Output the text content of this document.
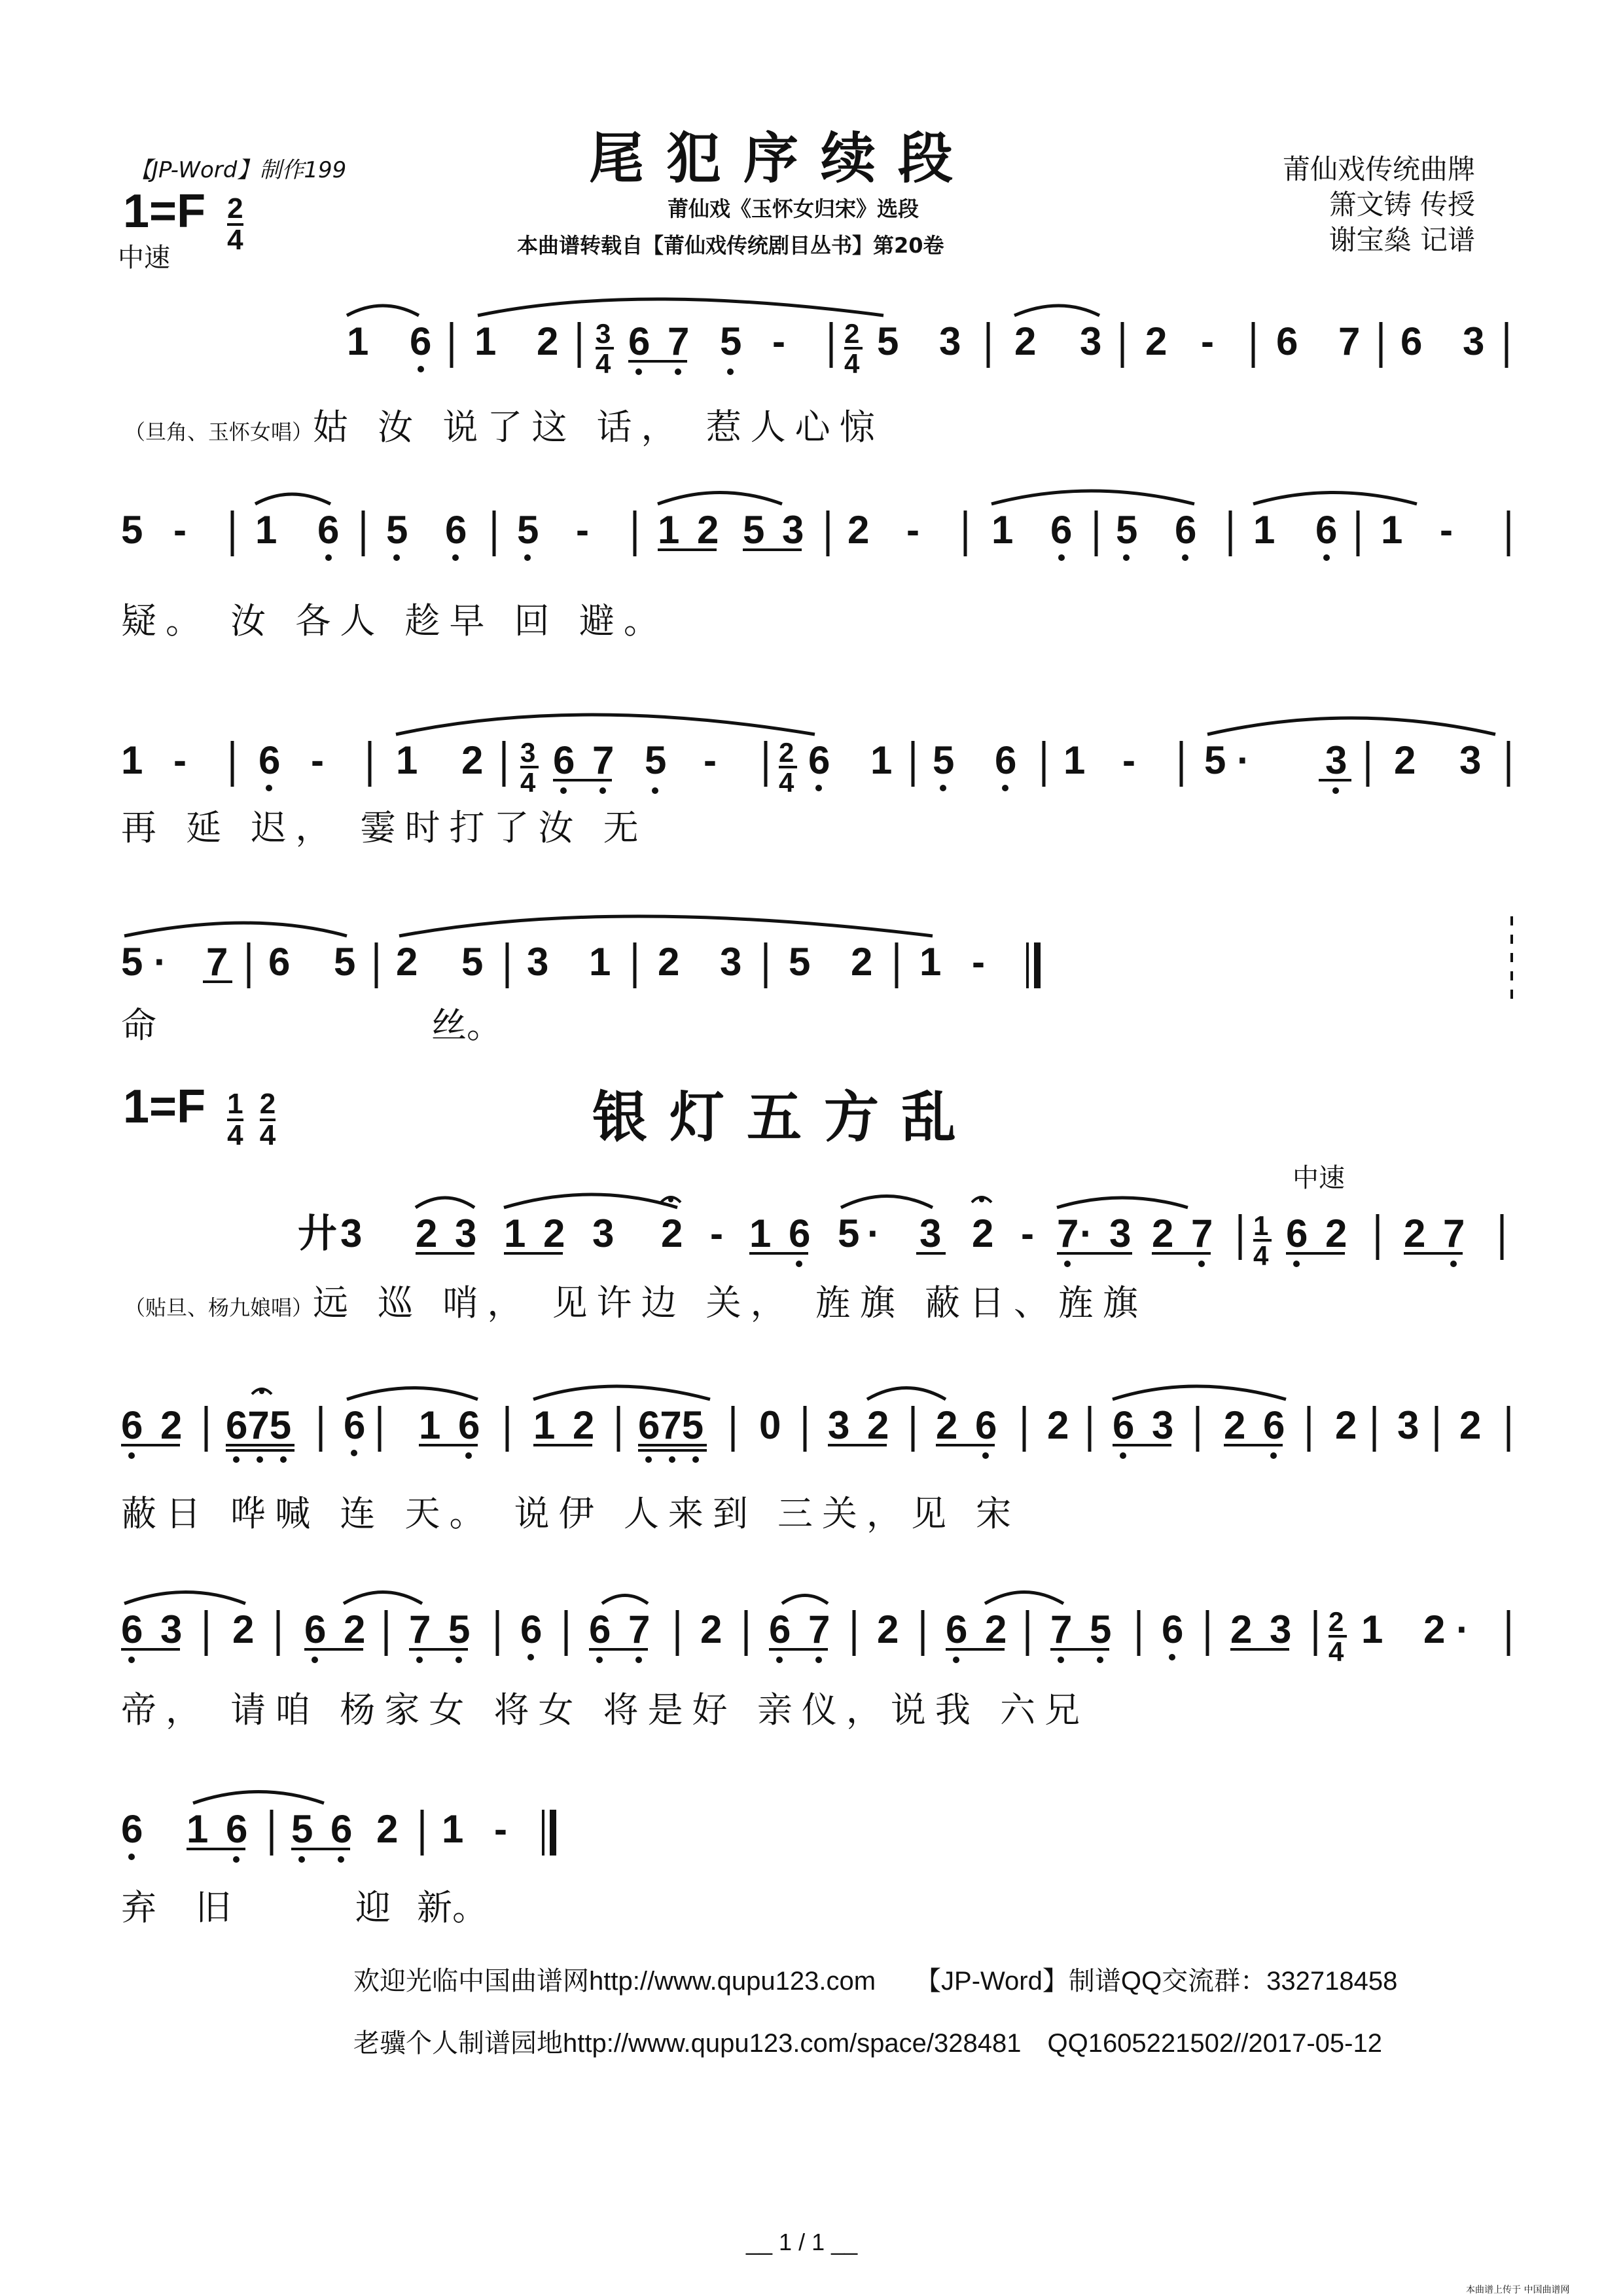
【JP-Word】制作199	尾犯序续段
莆仙戏《玉怀女归宋》选段
本曲谱转载自【莆仙戏传统剧目丛书】第20卷
莆仙戏传统曲牌
箫文铸 传授
谢宝燊 记谱
$1=F \frac{2}{4}$
中速
1 6 1 2 3
4
6 7 5 - 2
4
5 3 2 3 2 - 6 7 6 3
（旦角、玉怀女唱）姑 汝 说了这 话， 惹人心惊
5 - 1 6 5 6 5 - 1 2 5 3 2 - 1 6 5 6 1 6 1 -
疑。 汝 各人 趁早 回 避。
1 - 6 - 1 2 3
4
6 7 5 - 2
4
6 1 5 6 1 - 5 · 3 2 3
再 延 迟， 霎时打了汝 无
5 · 7 6 5 2 5 3 1 2 3 5 2 1 -
命	丝。
$1=F \frac{1}{4}$
$\frac{2}{4}$	银灯五方乱
中速
廾 3 2 3 1 2 3 2 - 1 6 5 · 3 2 - 7 · 3 2 7 1
4
6 2 2 7
（贴旦、杨九娘唱）远 巡 哨， 见许边 关， 旌旗 蔽日、旌旗
6 2 675 6 1 6 1 2 675 0 3 2 2 6 2 6 3 2 6 2 3 2
蔽日 哗喊 连 天。 说伊 人来到 三关，见 宋
6 3 2 6 2 7 5 6 6 7 2 6 7 2 6 2 7 5 6 2 3 2
4
1 2 ·
帝， 请咱 杨家女 将女 将是好 亲仪，说我 六兄
6 1 6 5 6 2 1 -
弃 旧	迎 新。
欢迎光临中国曲谱网http://www.qupu123.com　　【JP-Word】制谱QQ交流群：332718458
老骥个人制谱园地http://www.qupu123.com/space/328481　QQ1605221502//2017-05-12
__ 1 / 1 __
本曲谱上传于 中国曲谱网
